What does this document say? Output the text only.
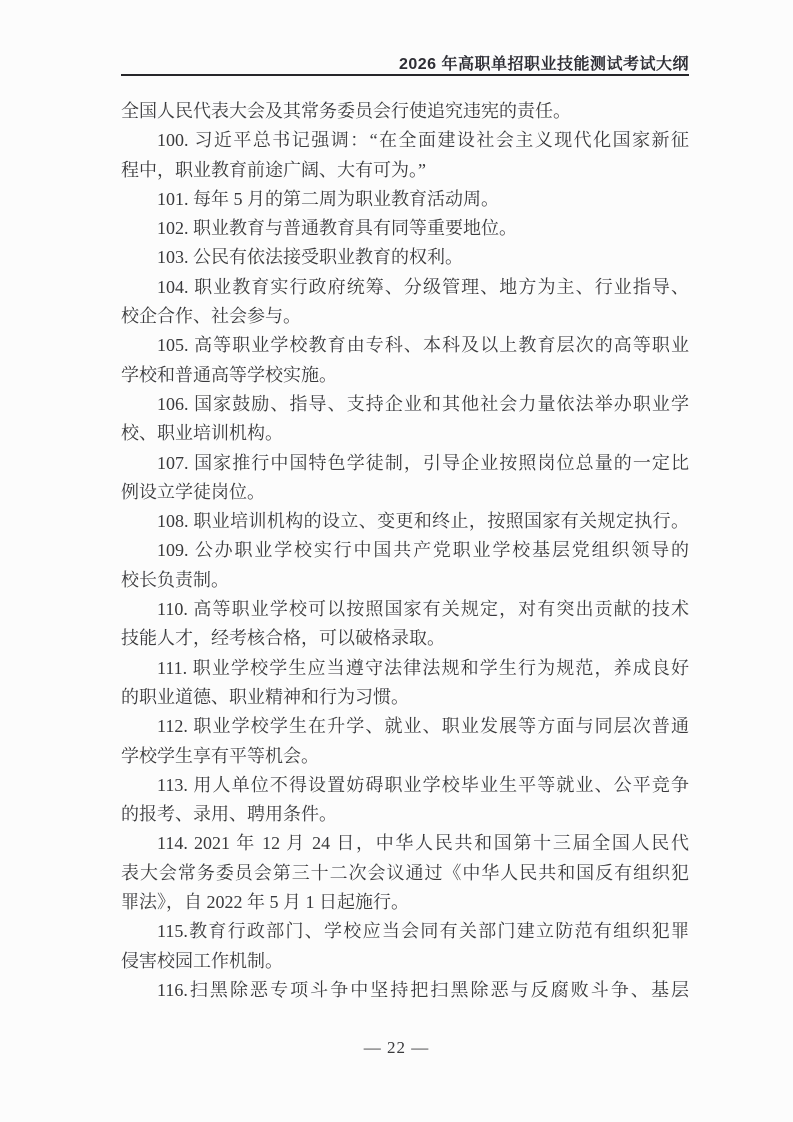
2026 年高职单招职业技能测试考试大纲
全国人民代表大会及其常务委员会行使追究违宪的责任。
100. 习近平总书记强调：“在全面建设社会主义现代化国家新征
程中，职业教育前途广阔、大有可为。”
101. 每年 5 月的第二周为职业教育活动周。
102. 职业教育与普通教育具有同等重要地位。
103. 公民有依法接受职业教育的权利。
104. 职业教育实行政府统筹、分级管理、地方为主、行业指导、
校企合作、社会参与。
105. 高等职业学校教育由专科、本科及以上教育层次的高等职业
学校和普通高等学校实施。
106. 国家鼓励、指导、支持企业和其他社会力量依法举办职业学
校、职业培训机构。
107. 国家推行中国特色学徒制，引导企业按照岗位总量的一定比
例设立学徒岗位。
108. 职业培训机构的设立、变更和终止，按照国家有关规定执行。
109. 公办职业学校实行中国共产党职业学校基层党组织领导的
校长负责制。
110. 高等职业学校可以按照国家有关规定，对有突出贡献的技术
技能人才，经考核合格，可以破格录取。
111. 职业学校学生应当遵守法律法规和学生行为规范，养成良好
的职业道德、职业精神和行为习惯。
112. 职业学校学生在升学、就业、职业发展等方面与同层次普通
学校学生享有平等机会。
113. 用人单位不得设置妨碍职业学校毕业生平等就业、公平竞争
的报考、录用、聘用条件。
114. 2021 年 12 月 24 日，中华人民共和国第十三届全国人民代
表大会常务委员会第三十二次会议通过《中华人民共和国反有组织犯
罪法》，自 2022 年 5 月 1 日起施行。
115.教育行政部门、学校应当会同有关部门建立防范有组织犯罪
侵害校园工作机制。
116.扫黑除恶专项斗争中坚持把扫黑除恶与反腐败斗争、基层
— 22 —
